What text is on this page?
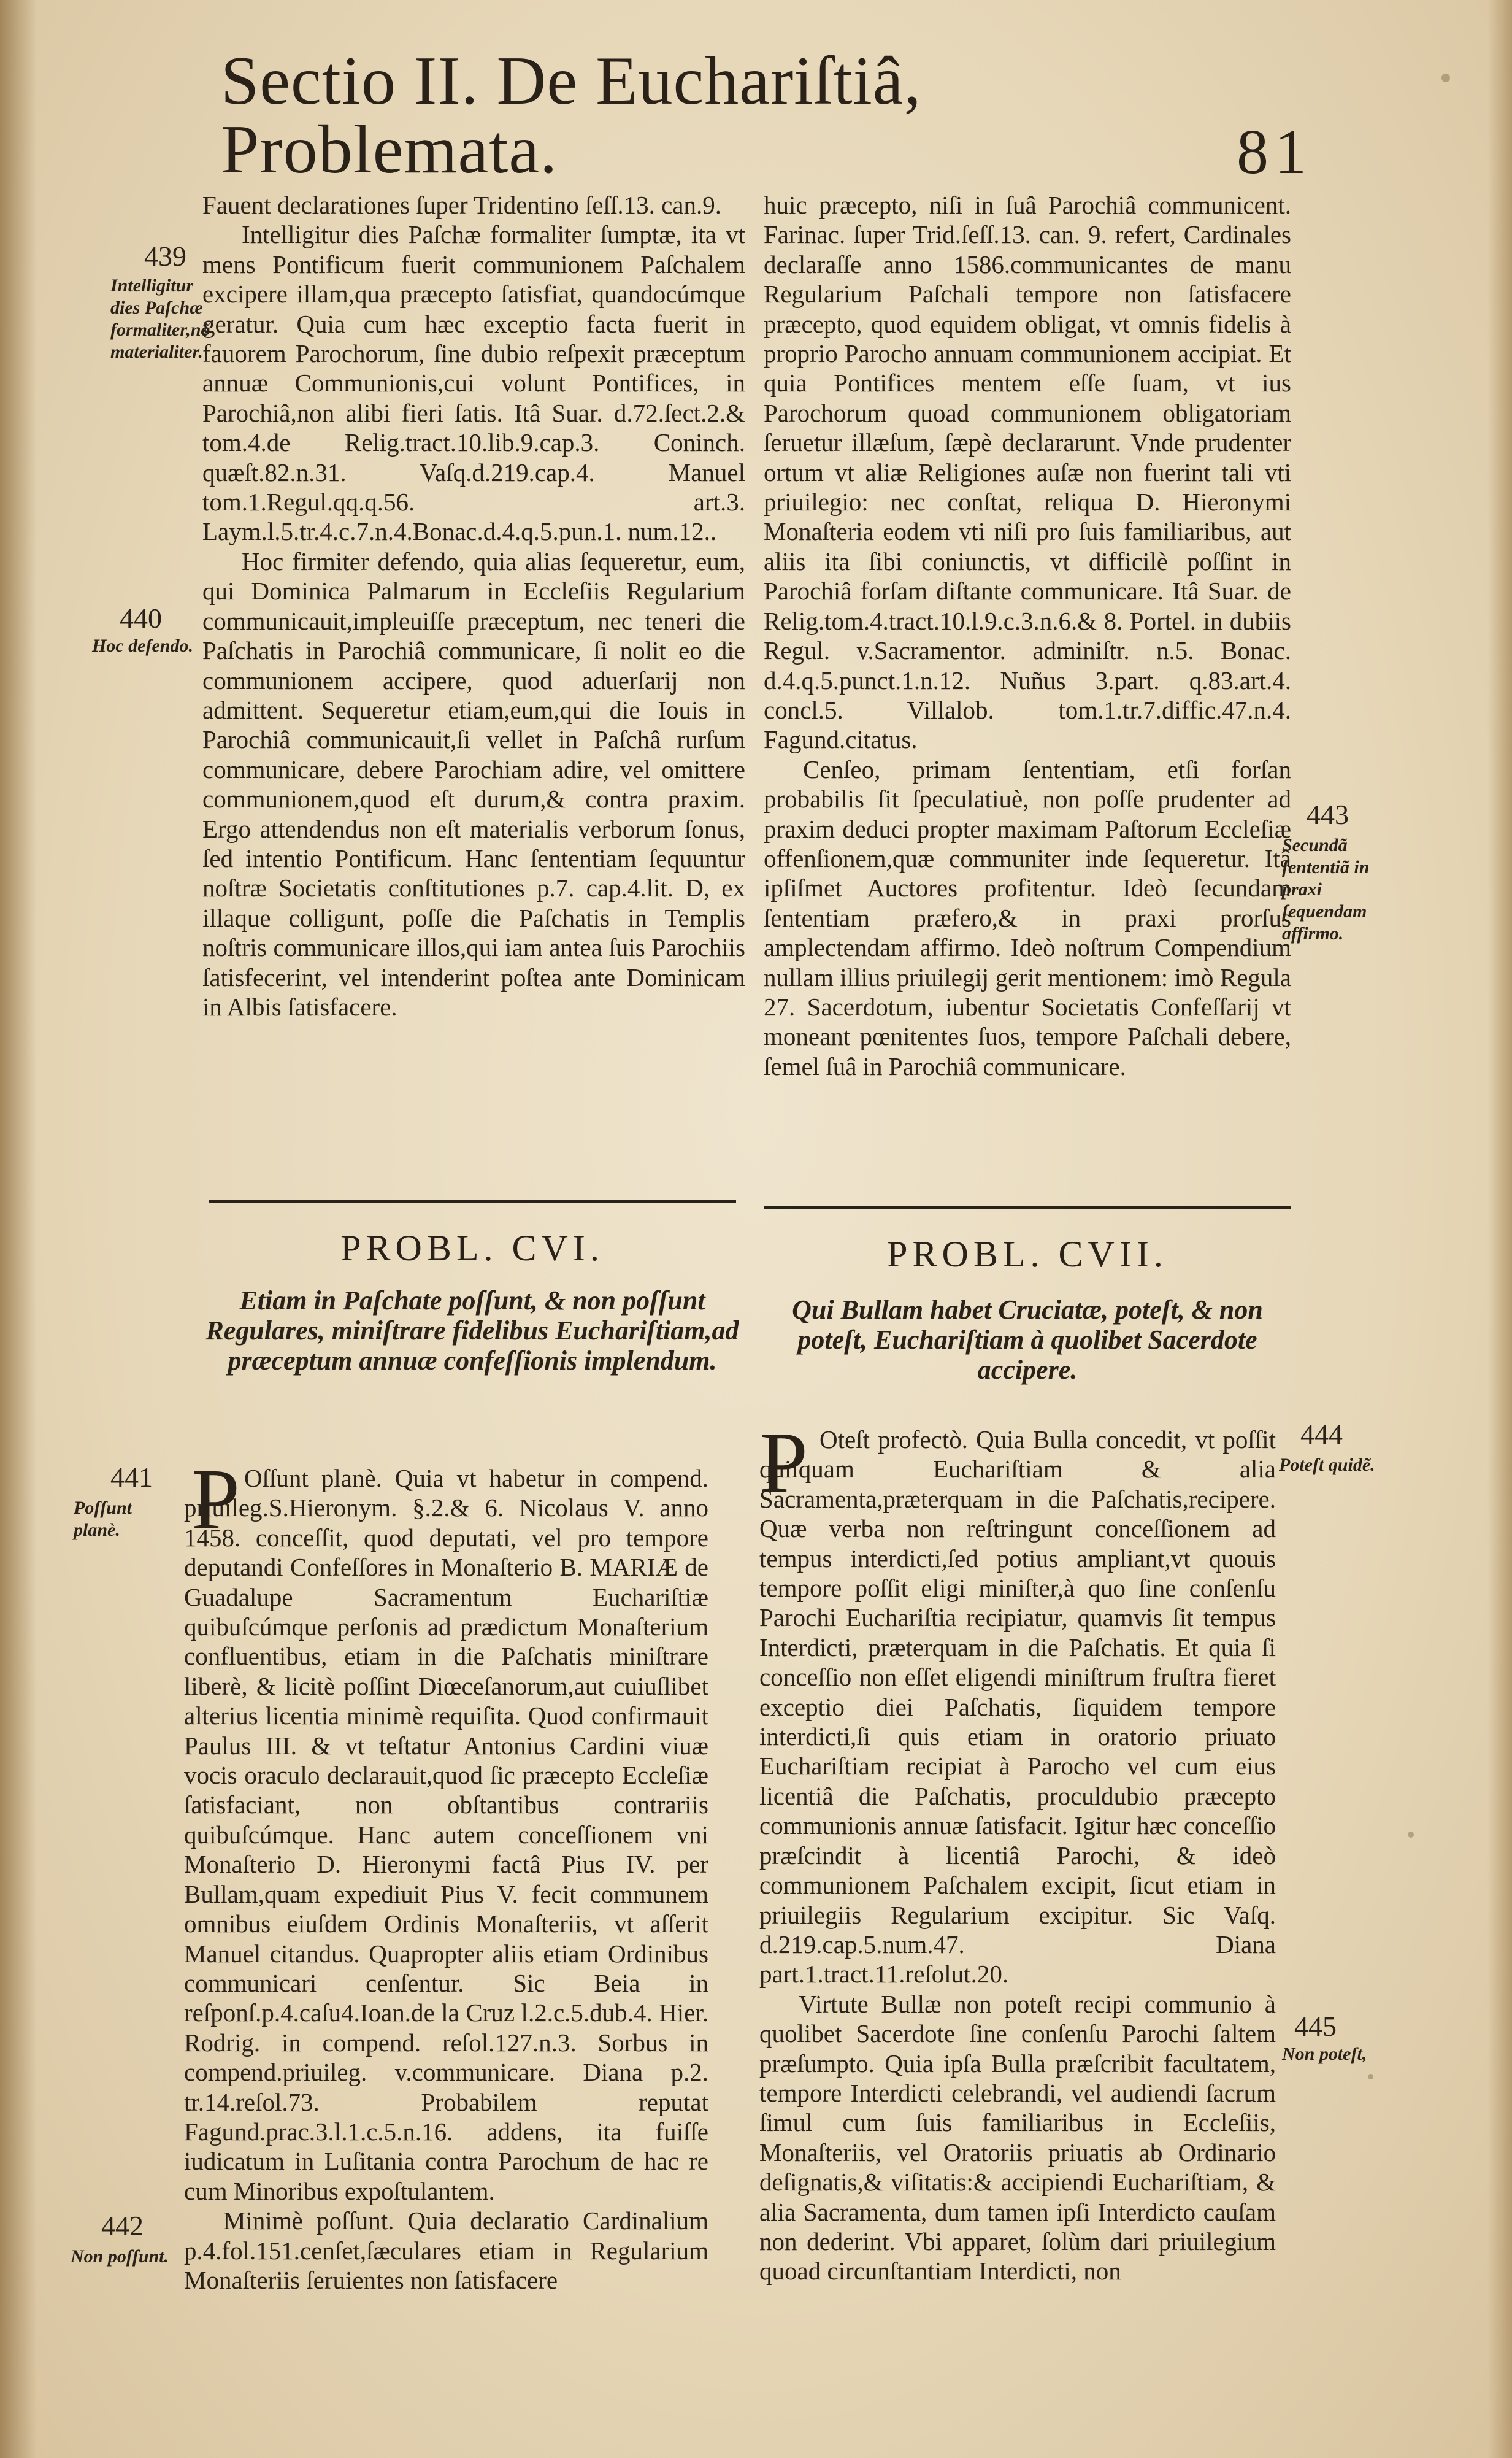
Sectio II. De Euchariſtiâ, Problemata.	81

Fauent declarationes ſuper Tridentino ſeſſ.13. can.9.

Intelligitur dies Paſchæ formaliter ſumptæ, ita vt mens Pontificum fuerit communionem Paſchalem excipere illam,qua præcepto ſatisfiat, quandocúmque geratur. Quia cum hæc exceptio facta fuerit in fauorem Parochorum, ſine dubio reſpexit præceptum annuæ Communionis,cui volunt Pontifices, in Parochiâ,non alibi fieri ſatis. Itâ Suar. d.72.ſect.2.& tom.4.de Relig.tract.10.lib.9.cap.3. Coninch. quæſt.82.n.31. Vaſq.d.219.cap.4. Manuel tom.1.Regul.qq.q.56. art.3. Laym.l.5.tr.4.c.7.n.4.Bonac.d.4.q.5.pun.1. num.12..

Hoc firmiter defendo, quia alias ſequeretur, eum, qui Dominica Palmarum in Eccleſiis Regularium communicauit,impleuiſſe præceptum, nec teneri die Paſchatis in Parochiâ communicare, ſi nolit eo die communionem accipere, quod aduerſarij non admittent. Sequeretur etiam,eum,qui die Iouis in Parochiâ communicauit,ſi vellet in Paſchâ rurſum communicare, debere Parochiam adire, vel omittere communionem,quod eſt durum,& contra praxim. Ergo attendendus non eſt materialis verborum ſonus, ſed intentio Pontificum. Hanc ſententiam ſequuntur noſtræ Societatis conſtitutiones p.7. cap.4.lit. D, ex illaque colligunt, poſſe die Paſchatis in Templis noſtris communicare illos,qui iam antea ſuis Parochiis ſatisfecerint, vel intenderint poſtea ante Dominicam in Albis ſatisfacere.

huic præcepto, niſi in ſuâ Parochiâ communicent. Farinac. ſuper Trid.ſeſſ.13. can. 9. refert, Cardinales declaraſſe anno 1586.communicantes de manu Regularium Paſchali tempore non ſatisfacere præcepto, quod equidem obligat, vt omnis fidelis à proprio Parocho annuam communionem accipiat. Et quia Pontifices mentem eſſe ſuam, vt ius Parochorum quoad communionem obligatoriam ſeruetur illæſum, ſæpè declararunt. Vnde prudenter ortum vt aliæ Religiones auſæ non fuerint tali vti priuilegio: nec conſtat, reliqua D. Hieronymi Monaſteria eodem vti niſi pro ſuis familiaribus, aut aliis ita ſibi coniunctis, vt difficilè poſſint in Parochiâ forſam diſtante communicare. Itâ Suar. de Relig.tom.4.tract.10.l.9.c.3.n.6.& 8. Portel. in dubiis Regul. v.Sacramentor. adminiſtr. n.5. Bonac. d.4.q.5.punct.1.n.12. Nuñus 3.part. q.83.art.4. concl.5. Villalob. tom.1.tr.7.diffic.47.n.4. Fagund.citatus.

Cenſeo, primam ſententiam, etſi forſan probabilis ſit ſpeculatiuè, non poſſe prudenter ad praxim deduci propter maximam Paſtorum Eccleſiæ offenſionem,quæ communiter inde ſequeretur. Itâ ipſiſmet Auctores profitentur. Ideò ſecundam ſententiam præfero,& in praxi prorſus amplectendam affirmo. Ideò noſtrum Compendium nullam illius priuilegij gerit mentionem: imò Regula 27. Sacerdotum, iubentur Societatis Confeſſarij vt moneant pœnitentes ſuos, tempore Paſchali debere, ſemel ſuâ in Parochiâ communicare.

439
440
443
441
442
444
445
Intelligitur dies Paſchæ formaliter,nõ materialiter.
Hoc defendo.
Secundã ſententiã in praxi ſequendam affirmo.
Poſſunt planè.
Non poſſunt.
Poteſt quidẽ.
Non poteſt,
PROBL. CVI.
Etiam in Paſchate poſſunt, & non poſſunt Regulares, miniſtrare fidelibus Euchariſtiam,ad præceptum annuæ confeſſionis implendum.
P Oſſunt planè. Quia vt habetur in compend. priuileg.S.Hieronym. §.2.& 6. Nicolaus V. anno 1458. conceſſit, quod deputati, vel pro tempore deputandi Confeſſores in Monaſterio B. MARIÆ de Guadalupe Sacramentum Euchariſtiæ quibuſcúmque perſonis ad prædictum Monaſterium confluentibus, etiam in die Paſchatis miniſtrare liberè, & licitè poſſint Diœceſanorum,aut cuiuſlibet alterius licentia minimè requiſita. Quod confirmauit Paulus III. & vt teſtatur Antonius Cardini viuæ vocis oraculo declarauit,quod ſic præcepto Eccleſiæ ſatisfaciant, non obſtantibus contrariis quibuſcúmque. Hanc autem conceſſionem vni Monaſterio D. Hieronymi factâ Pius IV. per Bullam,quam expediuit Pius V. fecit communem omnibus eiuſdem Ordinis Monaſteriis, vt aſſerit Manuel citandus. Quapropter aliis etiam Ordinibus communicari cenſentur. Sic Beia in reſponſ.p.4.caſu4.Ioan.de la Cruz l.2.c.5.dub.4. Hier. Rodrig. in compend. reſol.127.n.3. Sorbus in compend.priuileg. v.communicare. Diana p.2. tr.14.reſol.73. Probabilem reputat Fagund.prac.3.l.1.c.5.n.16. addens, ita fuiſſe iudicatum in Luſitania contra Parochum de hac re cum Minoribus expoſtulantem.

Minimè poſſunt. Quia declaratio Cardinalium p.4.fol.151.cenſet,ſæculares etiam in Regularium Monaſteriis ſeruientes non ſatisfacere

PROBL. CVII.
Qui Bullam habet Cruciatæ, poteſt, & non poteſt, Euchariſtiam à quolibet Sacerdote accipere.
P Oteſt profectò. Quia Bulla concedit, vt poſſit quiſquam Euchariſtiam & alia Sacramenta,præterquam in die Paſchatis,recipere. Quæ verba non reſtringunt conceſſionem ad tempus interdicti,ſed potius ampliant,vt quouis tempore poſſit eligi miniſter,à quo ſine conſenſu Parochi Euchariſtia recipiatur, quamvis ſit tempus Interdicti, præterquam in die Paſchatis. Et quia ſi conceſſio non eſſet eligendi miniſtrum fruſtra fieret exceptio diei Paſchatis, ſiquidem tempore interdicti,ſi quis etiam in oratorio priuato Euchariſtiam recipiat à Parocho vel cum eius licentiâ die Paſchatis, proculdubio præcepto communionis annuæ ſatisfacit. Igitur hæc conceſſio præſcindit à licentiâ Parochi, & ideò communionem Paſchalem excipit, ſicut etiam in priuilegiis Regularium excipitur. Sic Vaſq. d.219.cap.5.num.47. Diana part.1.tract.11.reſolut.20.

Virtute Bullæ non poteſt recipi communio à quolibet Sacerdote ſine conſenſu Parochi ſaltem præſumpto. Quia ipſa Bulla præſcribit facultatem, tempore Interdicti celebrandi, vel audiendi ſacrum ſimul cum ſuis familiaribus in Eccleſiis, Monaſteriis, vel Oratoriis priuatis ab Ordinario deſignatis,& viſitatis:& accipiendi Euchariſtiam, & alia Sacramenta, dum tamen ipſi Interdicto cauſam non dederint. Vbi apparet, ſolùm dari priuilegium quoad circunſtantiam Interdicti, non
